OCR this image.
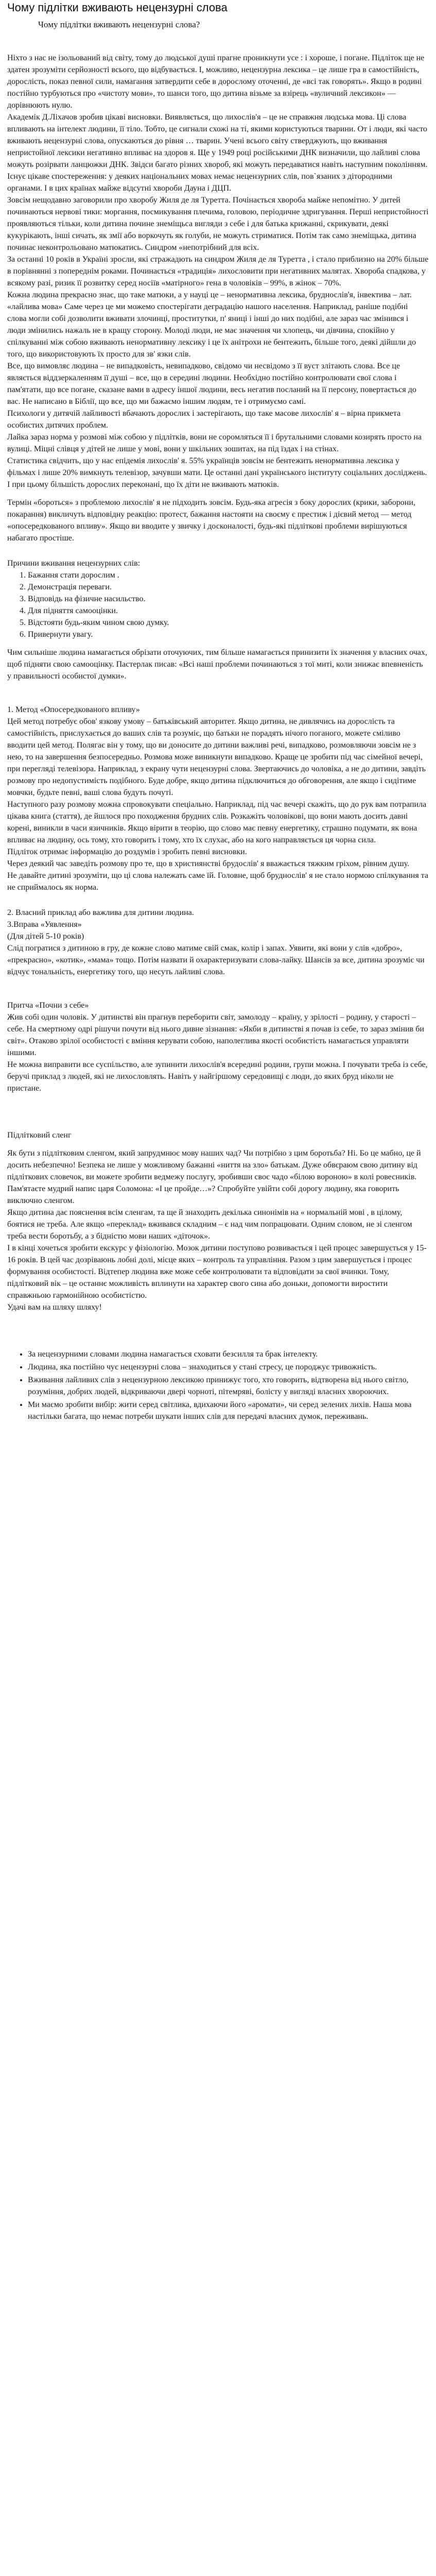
Чому підлітки вживають нецензурні слова

Чому підлітки вживають нецензурні слова?

Ніхто з нас не ізольований від світу, тому до людської душі прагне проникнути усе : і хороше, і погане. Підліток ще не здатен зрозуміти серйозності всього, що відбувається. І, можливо, нецензурна лексика – це лише гра в самостійність, дорослість, показ певної сили, намагання затвердити себе в дорослому оточенні, де «всі так говорять». Якщо в родині постійно турбуються про «чистоту мови», то шанси того, що дитина візьме за взірець «вуличний лексикон» — дорівнюють нулю.

Академік Д.Ліхачов зробив цікаві висновки. Виявляється, що лихослів'я – це не справжня людська мова. Ці слова впливають на інтелект людини, її тіло. Тобто, це сигнали схожі на ті, якими користуються тварини. От і люди, які часто вживають нецензурні слова, опускаються до рівня … тварин. Учені всього світу стверджують, що вживання непристойної лексики негативно впливає на здоров я. Ще у 1949 році російськими ДНК визначили, що лайливі слова можуть розірвати ланцюжки ДНК. Звідси багато різних хвороб, які можуть передаватися навіть наступним поколінням.

Існує цікаве спостереження: у деяких національних мовах немає нецензурних слів, пов`язаних з дітородними органами. І в цих країнах майже відсутні хвороби Дауна і ДЦП.

Зовсім нещодавно заговорили про хворобу Жиля де ля Туретта. Почінається хвороба майже непомітно. У дитей починаються нервові тики: моргання, посмикування плечима, головою, періодичне здригування. Перші непристойності проявляються тільки, коли дитина почине знеміщьса вигляди з себе і для батька крижанні, скрикувати, деякі кукурікають, інші сичать, як змії або воркочуть як голуби, не можуть стриматися. Потім так само знеміщька, дитина починає неконтрольовано матюкатись. Синдром «непотрібний для всіх.

За останні 10 років в Україні зросли, які стражадють на синдром Жиля де ля Туретта , і стало приблизно на 20% більше в порівнянні з попереднім роками. Починається «традиція» лихословити при негативних малятах. Хвороба спадкова, у всякому разі, ризик її розвитку серед носіїв «матірного» гена в чоловіків – 99%, в жінок – 70%.

Кожна людина прекрасно знає, що таке матюки, а у науці це – ненормативна лексика, бруднослів'я, інвектива – лат. «лайлива мова» Саме через це ми можемо спостерігати деградацію нашого населення. Наприклад, раніше подібні слова могли собі дозволити вживати злочинці, проститутки, п' яниці і інші до них подібні, але зараз час змінився і люди змінились нажаль не в кращу сторону. Молоді люди, не має значення чи хлопець, чи дівчина, спокійно у спілкуванні між собою вживають ненормативну лексику і це їх анітрохи не бентежить, більше того, деякі дійшли до того, що використовують їх просто для зв' язки слів.

Все, що вимовляє людина – не випадковість, невипадково, свідомо чи несвідомо з її вуст злітають слова. Все це являється віддзеркаленням її душі – все, що в середині людини. Необхідно постійно контролювати свої слова і пам'ятати, що все погане, сказане вами в адресу іншої людини, весь негатив посланий на її персону, повертається до вас. Не написано в Біблії, що все, що ми бажаємо іншим людям, те і отримуємо самі.

Психологи у дитячій лайливості вбачають дорослих і застерігають, що таке масове лихослів' я – вірна прикмета особистих дитячих проблем.

Лайка зараз норма у розмові між собою у підлітків, вони не соромляться її і брутальними словами козирять просто на вулиці. Міцні слівця у дітей не лише у мові, вони у шкільних зошитах, на під їздах і на стінах.

Статистика свідчить, що у нас епідемія лихослів' я. 55% українців зовсім не бентежить ненормативна лексика у фільмах і лише 20% вимкнуть телевізор, зачувши мати. Це останні дані українського інституту соціальних досліджень. І при цьому більшість дорослих переконані, що їх діти не вживають матюків.

Термін «бороться» з проблемою лихослів' я не підходить зовсім. Будь-яка агресія з боку дорослих (крики, заборони, покарання) викличуть відповідну реакцію: протест, бажання настояти на своєму є престиж і дієвий метод — метод «опосередкованого впливу». Якщо ви вводите у звичку і досконалості, будь-які підліткові проблеми вирішуються набагато простіше.

Причини вживання нецензурних слів:

1. Бажання стати дорослим .
2. Демонстрація переваги.
3. Відповідь на фізичне насильство.
4. Для підняття самооцінки.
5. Відстояти будь-яким чином свою думку.
6. Привернути увагу.

Чим сильніше людина намагається обрізати оточуючих, тим більше намагається принизити їх значення у власних очах, щоб підняти свою самооцінку. Пастерлак писав: «Всі наші проблеми починаються з тої миті, коли знижає впевненість у правильності особистої думки».

1. Метод «Опосередкованого впливу»

Цей метод потребує обов' язкову умову – батьківський авторитет. Якщо дитина, не дивлячись на дорослість та самостійність, прислухається до ваших слів та розуміє, що батьки не порадять нічого поганого, можете сміливо вводити цей метод. Полягає він у тому, що ви доносите до дитини важливі речі, випадково, розмовляючи зовсім не з нею, то на завершення безпосередньо. Розмова може виникнути випадково. Краще це зробити під час сімейної вечері, при перегляді телевізора. Наприклад, з екрану чути нецензурні слова. Звертаючись до чоловіка, а не до дитини, завдіть розмову про недопустимість подібного. Буде добре, якщо дитина підключиться до обговорення, але якщо і сидітиме мовчки, будьте певні, ваші слова будуть почуті.

Наступного разу розмову можна спровокувати спеціально. Наприклад, під час вечері скажіть, що до рук вам потрапила цікава книга (стаття), де йшлося про походження брудних слів. Розкажіть чоловікові, що вони мають досить давні корені, виникли в часи язичників. Якщо вірити в теорію, що слово має певну енергетику, страшно подумати, як вона впливає на людину, ось тому, хто говорить і тому, хто їх слухає, або на кого направляється ця чорна сила.

Підліток отримає інформацію до роздумів і зробить певні висновки.

Через деякий час заведіть розмову про те, що в християнстві брудослів' я вважається тяжким гріхом, рівним душу.

Не давайте дитині зрозуміти, що ці слова належать саме їй. Головне, щоб бруднослів' я не стало нормою спілкування та не сприймалось як норма.

2. Власний приклад або важлива для дитини людина.

3.Вправа «Уявлення»

(Для дітей 5-10 років)

Слід погратися з дитиною в гру, де кожне слово матиме свій смак, колір і запах. Уявити, які вони у слів «добро», «прекрасно», «котик», «мама» тощо. Потім назвати й охарактеризувати слова-лайку. Шансів за все, дитина зрозуміє чи відчує тональність, енергетику того, що несуть лайливі слова.

Притча «Почни з себе»

Жив собі один чоловік. У дитинстві він прагнув переборити світ, замолоду – країну, у зрілості – родину, у старості – себе. На смертному одрі рішучи почути від нього дивне зізнання: «Якби в дитинстві я почав із себе, то зараз змінив би світ». Отаково зрілої особистості є вміння керувати собою, наполеглива якості особистість намагається управляти іншими.

Не можна виправити все суспільство, але зупинити лихослів'я всередині родини, групи можна. І почувати треба із себе, беручі приклад з людей, які не лихословлять. Навіть у найгіршому середовищі є люди, до яких бруд ніколи не пристане.

Підлітковий сленг

Як бути з підлітковим сленгом, який запрудмнює мову наших чад? Чи потрібно з цим боротьба? Ні. Бо це мабно, це й досить небезпечно! Безпека не лише у можливому бажанні «ниття на зло» батькам. Дуже обвєраюм свою дитину від підліткових словечок, ви можете зробити ведмежу послугу, зробивши своє чадо «білою вороною» в колі ровесників. Пам'ятаєте мудрий напис царя Соломона: «І це пройде…»? Спробуйте увійти собі дорогу людину, яка говорить виключно сленгом.

Якщо дитина дає пояснення всім сленгам, та ще й знаходить декілька синонімів на « нормальній мові , в цілому, боятися не треба. Але якщо «переклад» вживався складним – є над чим попрацювати. Одним словом, не зі сленгом треба вести боротьбу, а з бідністю мови наших «діточок».

І в кінці хочеться зробити екскурс у фізіологію. Мозок дитини поступово розвивається і цей процес завершується у 15-16 років. В цей час дозріваюнь лобні долі, місце яких – контроль та управління. Разом з цим завершується і процес формування особистості. Відтепер людина вже може себе контролювати та відповідати за свої вчинки. Тому, підлітковий вік – це останнє можливість вплинути на характер свого сина або доньки, допомогти виростити справжньою гармонійною особистістю.

Удачі вам на шляху шляху!

• За нецензурними словами людина намагається сховати безсилля та брак інтелекту.
• Людина, яка постійно чує нецензурні слова – знаходиться у стані стресу, це породжує тривожність.
• Вживання лайливих слів з нецензурною лексикою принижує того, хто говорить, відтворена від нього світло, розуміння, добрих людей, відкриваючи двері чорноті, пітемряві, болісту у вигляді власних хвороючих.
• Ми маємо зробити вибір: жити серед світлика, вдихаючи його «аромати», чи серед зелених лихів. Наша мова настільки багата, що немає потреби шукати інших слів для передачі власних думок, переживань.
